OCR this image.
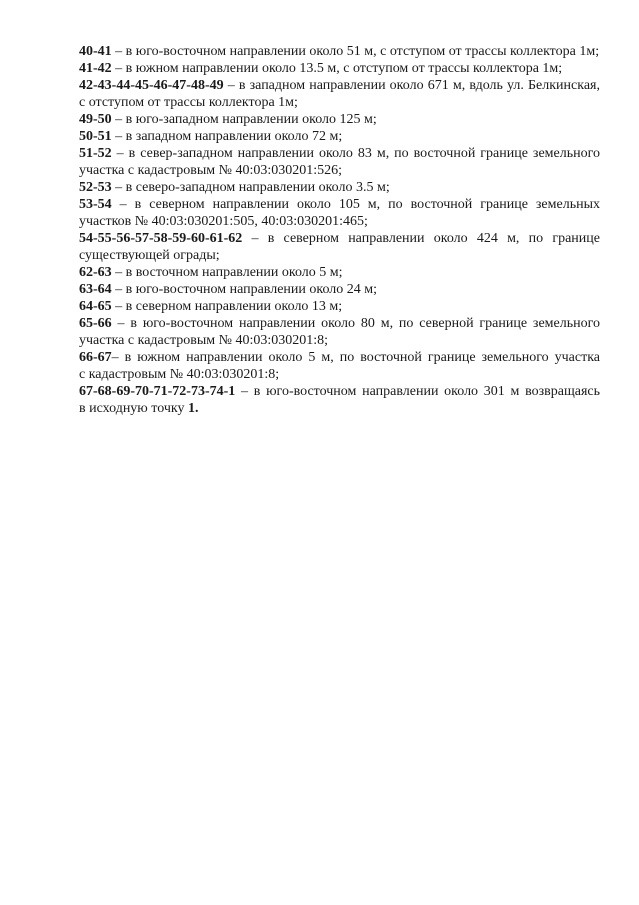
40-41 – в юго-восточном направлении около 51 м, с отступом от трассы коллектора 1м;
41-42 – в южном направлении около 13.5 м, с отступом от трассы коллектора 1м;
42-43-44-45-46-47-48-49 – в западном направлении около 671 м, вдоль ул. Белкинская,
с отступом от трассы коллектора 1м;
49-50 – в юго-западном направлении около 125 м;
50-51 – в западном направлении около 72 м;
51-52 – в север-западном направлении около 83 м, по восточной границе земельного
участка с кадастровым № 40:03:030201:526;
52-53 – в северо-западном направлении около 3.5 м;
53-54 – в северном направлении около 105 м, по восточной границе земельных
участков № 40:03:030201:505, 40:03:030201:465;
54-55-56-57-58-59-60-61-62 – в северном направлении около 424 м, по границе
существующей ограды;
62-63 – в восточном направлении около 5 м;
63-64 – в юго-восточном направлении около 24 м;
64-65 – в северном направлении около 13 м;
65-66 – в юго-восточном направлении около 80 м, по северной границе земельного
участка с кадастровым № 40:03:030201:8;
66-67– в южном направлении около 5 м, по восточной границе земельного участка
с кадастровым № 40:03:030201:8;
67-68-69-70-71-72-73-74-1 – в юго-восточном направлении около 301 м возвращаясь
в исходную точку 1.
